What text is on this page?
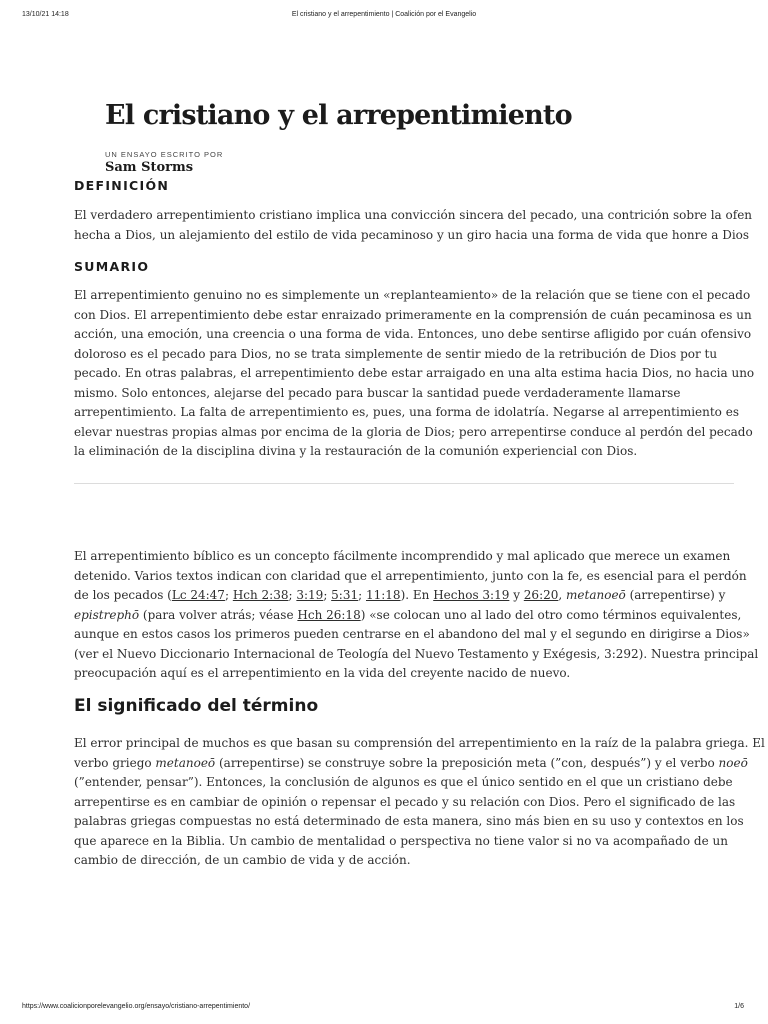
13/10/21 14:18	El cristiano y el arrepentimiento | Coalición por el Evangelio
El cristiano y el arrepentimiento
UN ENSAYO ESCRITO POR
Sam Storms
DEFINICIÓN

El verdadero arrepentimiento cristiano implica una convicción sincera del pecado, una contrición sobre la ofen
hecha a Dios, un alejamiento del estilo de vida pecaminoso y un giro hacia una forma de vida que honre a Dios

SUMARIO

El arrepentimiento genuino no es simplemente un «replanteamiento» de la relación que se tiene con el pecado
con Dios. El arrepentimiento debe estar enraizado primeramente en la comprensión de cuán pecaminosa es un
acción, una emoción, una creencia o una forma de vida. Entonces, uno debe sentirse afligido por cuán ofensivo
doloroso es el pecado para Dios, no se trata simplemente de sentir miedo de la retribución de Dios por tu
pecado. En otras palabras, el arrepentimiento debe estar arraigado en una alta estima hacia Dios, no hacia uno
mismo. Solo entonces, alejarse del pecado para buscar la santidad puede verdaderamente llamarse
arrepentimiento. La falta de arrepentimiento es, pues, una forma de idolatría. Negarse al arrepentimiento es
elevar nuestras propias almas por encima de la gloria de Dios; pero arrepentirse conduce al perdón del pecado
la eliminación de la disciplina divina y la restauración de la comunión experiencial con Dios.

El arrepentimiento bíblico es un concepto fácilmente incomprendido y mal aplicado que merece un examen
detenido. Varios textos indican con claridad que el arrepentimiento, junto con la fe, es esencial para el perdón
de los pecados (Lc 24:47; Hch 2:38; 3:19; 5:31; 11:18). En Hechos 3:19 y 26:20, metanoeō (arrepentirse) y
epistrephō (para volver atrás; véase Hch 26:18) «se colocan uno al lado del otro como términos equivalentes,
aunque en estos casos los primeros pueden centrarse en el abandono del mal y el segundo en dirigirse a Dios»
(ver el Nuevo Diccionario Internacional de Teología del Nuevo Testamento y Exégesis, 3:292). Nuestra principal
preocupación aquí es el arrepentimiento en la vida del creyente nacido de nuevo.

El significado del término

El error principal de muchos es que basan su comprensión del arrepentimiento en la raíz de la palabra griega. El
verbo griego metanoeō (arrepentirse) se construye sobre la preposición meta (”con, después”) y el verbo noeō
(”entender, pensar”). Entonces, la conclusión de algunos es que el único sentido en el que un cristiano debe
arrepentirse es en cambiar de opinión o repensar el pecado y su relación con Dios. Pero el significado de las
palabras griegas compuestas no está determinado de esta manera, sino más bien en su uso y contextos en los
que aparece en la Biblia. Un cambio de mentalidad o perspectiva no tiene valor si no va acompañado de un
cambio de dirección, de un cambio de vida y de acción.

https://www.coalicionporelevangelio.org/ensayo/cristiano-arrepentimiento/	1/6
